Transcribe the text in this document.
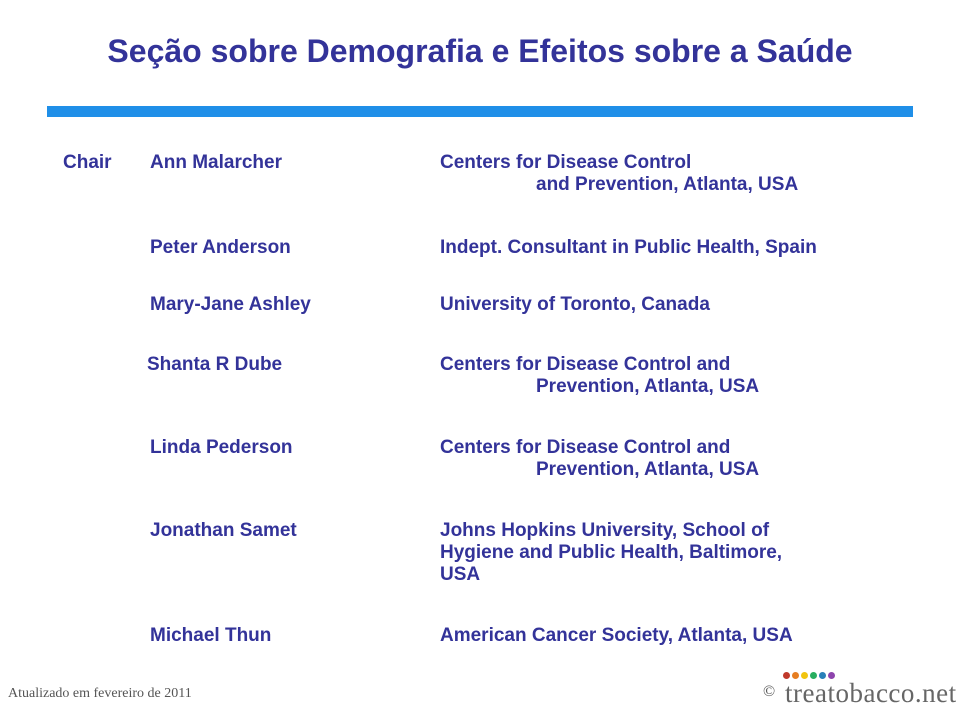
Seção sobre Demografia e Efeitos sobre a Saúde
Chair Ann Malarcher	Centers for Disease Control
and Prevention, Atlanta, USA
Peter Anderson	Indept. Consultant in Public Health, Spain
Mary-Jane Ashley	University of Toronto, Canada
Shanta R Dube	Centers for Disease Control and
Prevention, Atlanta, USA
Linda Pederson	Centers for Disease Control and
Prevention, Atlanta, USA
Jonathan Samet	Johns Hopkins University, School of
Hygiene and Public Health, Baltimore,
USA
Michael Thun	American Cancer Society, Atlanta, USA
Atualizado em fevereiro de 2011	© treatobacco.net
